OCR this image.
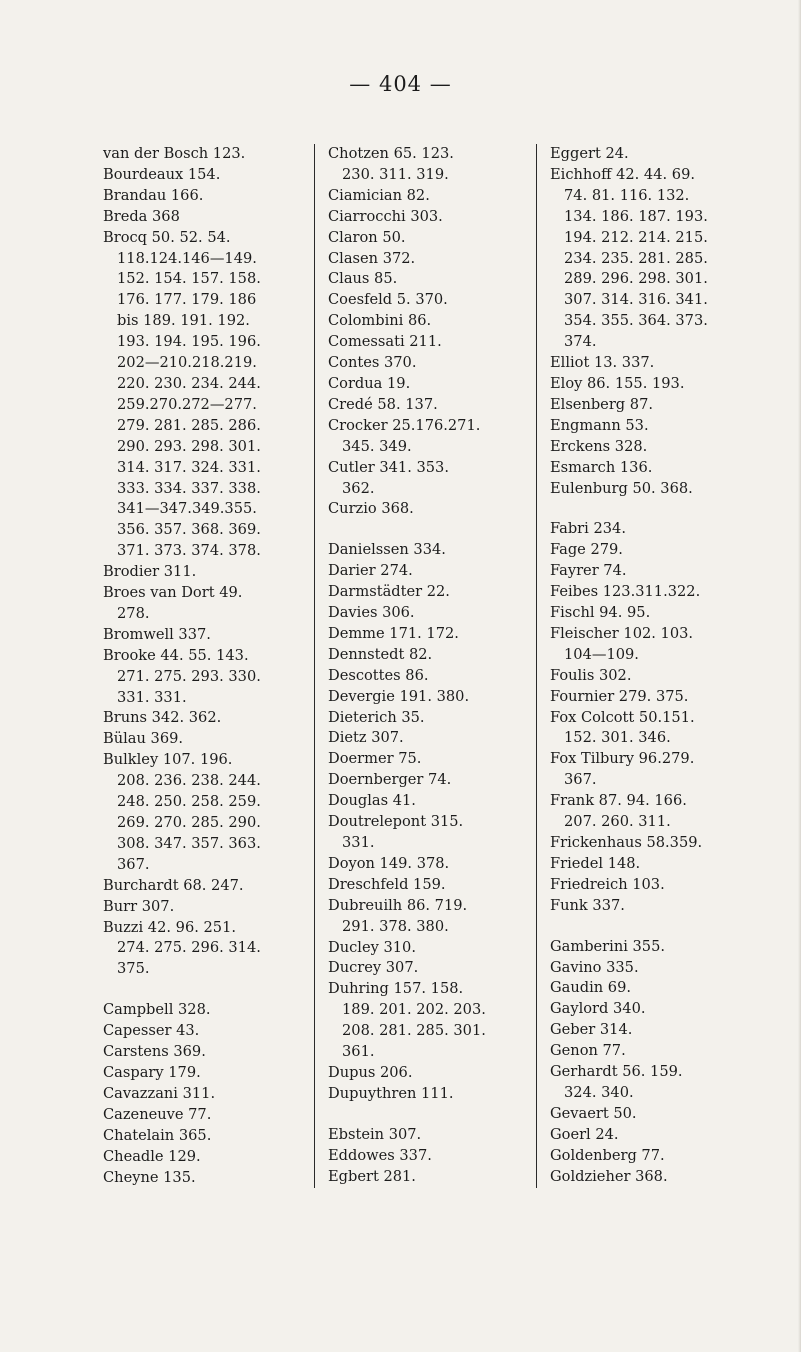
— 404 —
van der Bosch 123.
Bourdeaux 154.
Brandau 166.
Breda 368
Brocq 50. 52. 54.
118.124.146—149.
152. 154. 157. 158.
176. 177. 179. 186
bis 189. 191. 192.
193. 194. 195. 196.
202—210.218.219.
220. 230. 234. 244.
259.270.272—277.
279. 281. 285. 286.
290. 293. 298. 301.
314. 317. 324. 331.
333. 334. 337. 338.
341—347.349.355.
356. 357. 368. 369.
371. 373. 374. 378.
Brodier 311.
Broes van Dort 49.
278.
Bromwell 337.
Brooke 44. 55. 143.
271. 275. 293. 330.
331. 331.
Bruns 342. 362.
Bülau 369.
Bulkley 107. 196.
208. 236. 238. 244.
248. 250. 258. 259.
269. 270. 285. 290.
308. 347. 357. 363.
367.
Burchardt 68. 247.
Burr 307.
Buzzi 42. 96. 251.
274. 275. 296. 314.
375.
Campbell 328.
Capesser 43.
Carstens 369.
Caspary 179.
Cavazzani 311.
Cazeneuve 77.
Chatelain 365.
Cheadle 129.
Cheyne 135.
Chotzen 65. 123.
230. 311. 319.
Ciamician 82.
Ciarrocchi 303.
Claron 50.
Clasen 372.
Claus 85.
Coesfeld 5. 370.
Colombini 86.
Comessati 211.
Contes 370.
Cordua 19.
Credé 58. 137.
Crocker 25.176.271.
345. 349.
Cutler 341. 353.
362.
Curzio 368.
Danielssen 334.
Darier 274.
Darmstädter 22.
Davies 306.
Demme 171. 172.
Dennstedt 82.
Descottes 86.
Devergie 191. 380.
Dieterich 35.
Dietz 307.
Doermer 75.
Doernberger 74.
Douglas 41.
Doutrelepont 315.
331.
Doyon 149. 378.
Dreschfeld 159.
Dubreuilh 86. 719.
291. 378. 380.
Ducley 310.
Ducrey 307.
Duhring 157. 158.
189. 201. 202. 203.
208. 281. 285. 301.
361.
Dupus 206.
Dupuythren 111.
Ebstein 307.
Eddowes 337.
Egbert 281.
Eggert 24.
Eichhoff 42. 44. 69.
74. 81. 116. 132.
134. 186. 187. 193.
194. 212. 214. 215.
234. 235. 281. 285.
289. 296. 298. 301.
307. 314. 316. 341.
354. 355. 364. 373.
374.
Elliot 13. 337.
Eloy 86. 155. 193.
Elsenberg 87.
Engmann 53.
Erckens 328.
Esmarch 136.
Eulenburg 50. 368.
Fabri 234.
Fage 279.
Fayrer 74.
Feibes 123.311.322.
Fischl 94. 95.
Fleischer 102. 103.
104—109.
Foulis 302.
Fournier 279. 375.
Fox Colcott 50.151.
152. 301. 346.
Fox Tilbury 96.279.
367.
Frank 87. 94. 166.
207. 260. 311.
Frickenhaus 58.359.
Friedel 148.
Friedreich 103.
Funk 337.
Gamberini 355.
Gavino 335.
Gaudin 69.
Gaylord 340.
Geber 314.
Genon 77.
Gerhardt 56. 159.
324. 340.
Gevaert 50.
Goerl 24.
Goldenberg 77.
Goldzieher 368.
